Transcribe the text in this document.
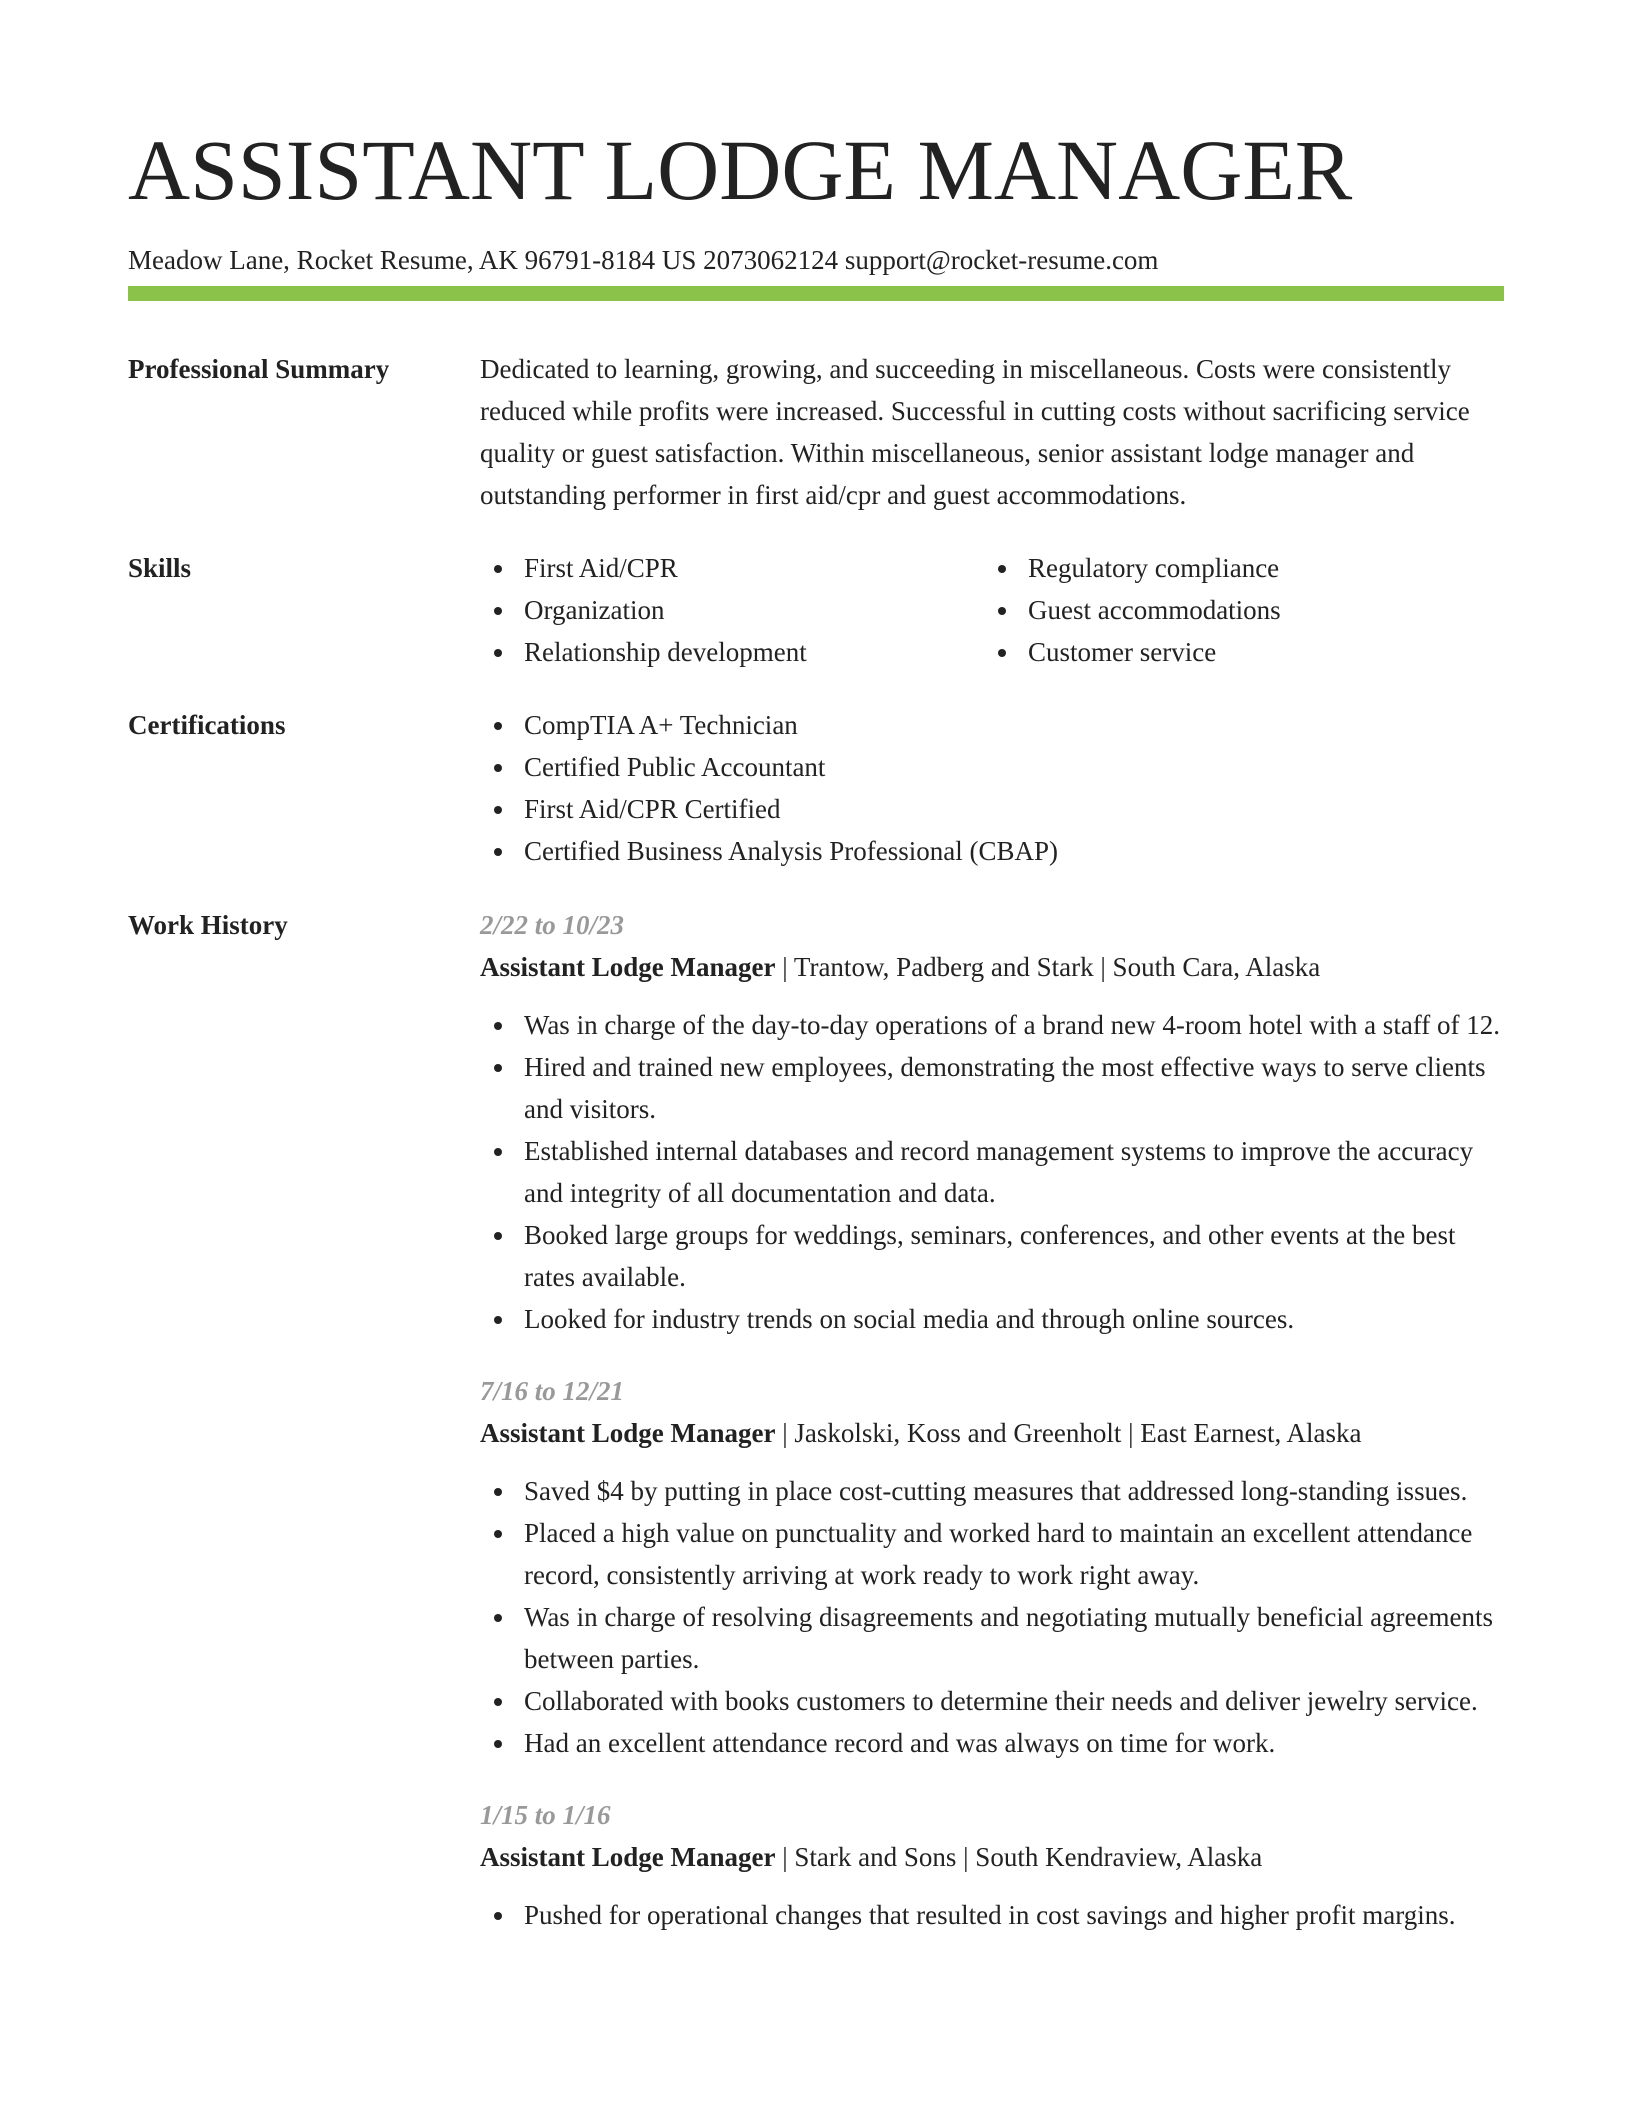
ASSISTANT LODGE MANAGER
Meadow Lane, Rocket Resume, AK 96791-8184 US 2073062124 support@rocket-resume.com
Professional Summary	Dedicated to learning, growing, and succeeding in miscellaneous. Costs were consistently reduced while profits were increased. Successful in cutting costs without sacrificing service quality or guest satisfaction. Within miscellaneous, senior assistant lodge manager and outstanding performer in first aid/cpr and guest accommodations.

Skills	First Aid/CPR
Organization
Relationship development
Regulatory compliance
Guest accommodations
Customer service
Certifications	CompTIA A+ Technician
Certified Public Accountant
First Aid/CPR Certified
Certified Business Analysis Professional (CBAP)
Work History	2/22 to 10/23
Assistant Lodge Manager | Trantow, Padberg and Stark | South Cara, Alaska
Was in charge of the day-to-day operations of a brand new 4-room hotel with a staff of 12.
Hired and trained new employees, demonstrating the most effective ways to serve clients and visitors.
Established internal databases and record management systems to improve the accuracy and integrity of all documentation and data.
Booked large groups for weddings, seminars, conferences, and other events at the best rates available.
Looked for industry trends on social media and through online sources.
7/16 to 12/21
Assistant Lodge Manager | Jaskolski, Koss and Greenholt | East Earnest, Alaska
Saved $4 by putting in place cost-cutting measures that addressed long-standing issues.
Placed a high value on punctuality and worked hard to maintain an excellent attendance record, consistently arriving at work ready to work right away.
Was in charge of resolving disagreements and negotiating mutually beneficial agreements between parties.
Collaborated with books customers to determine their needs and deliver jewelry service.
Had an excellent attendance record and was always on time for work.
1/15 to 1/16
Assistant Lodge Manager | Stark and Sons | South Kendraview, Alaska
Pushed for operational changes that resulted in cost savings and higher profit margins.
